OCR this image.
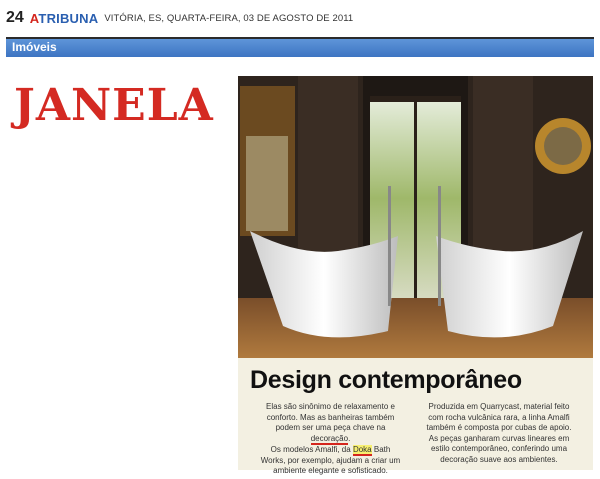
24 ATRIBUNA VITÓRIA, ES, QUARTA-FEIRA, 03 DE AGOSTO DE 2011
Imóveis
JANELA
Design contemporâneo

Elas são sinônimo de relaxamento e conforto. Mas as banheiras também podem ser uma peça chave na decoração.

Os modelos Amalfi, da Doka Bath Works, por exemplo, ajudam a criar um ambiente elegante e sofisticado.

Produzida em Quarrycast, material feito com rocha vulcânica rara, a linha Amalfi também é composta por cubas de apoio. As peças ganharam curvas lineares em estilo contemporâneo, conferindo uma decoração suave aos ambientes.
